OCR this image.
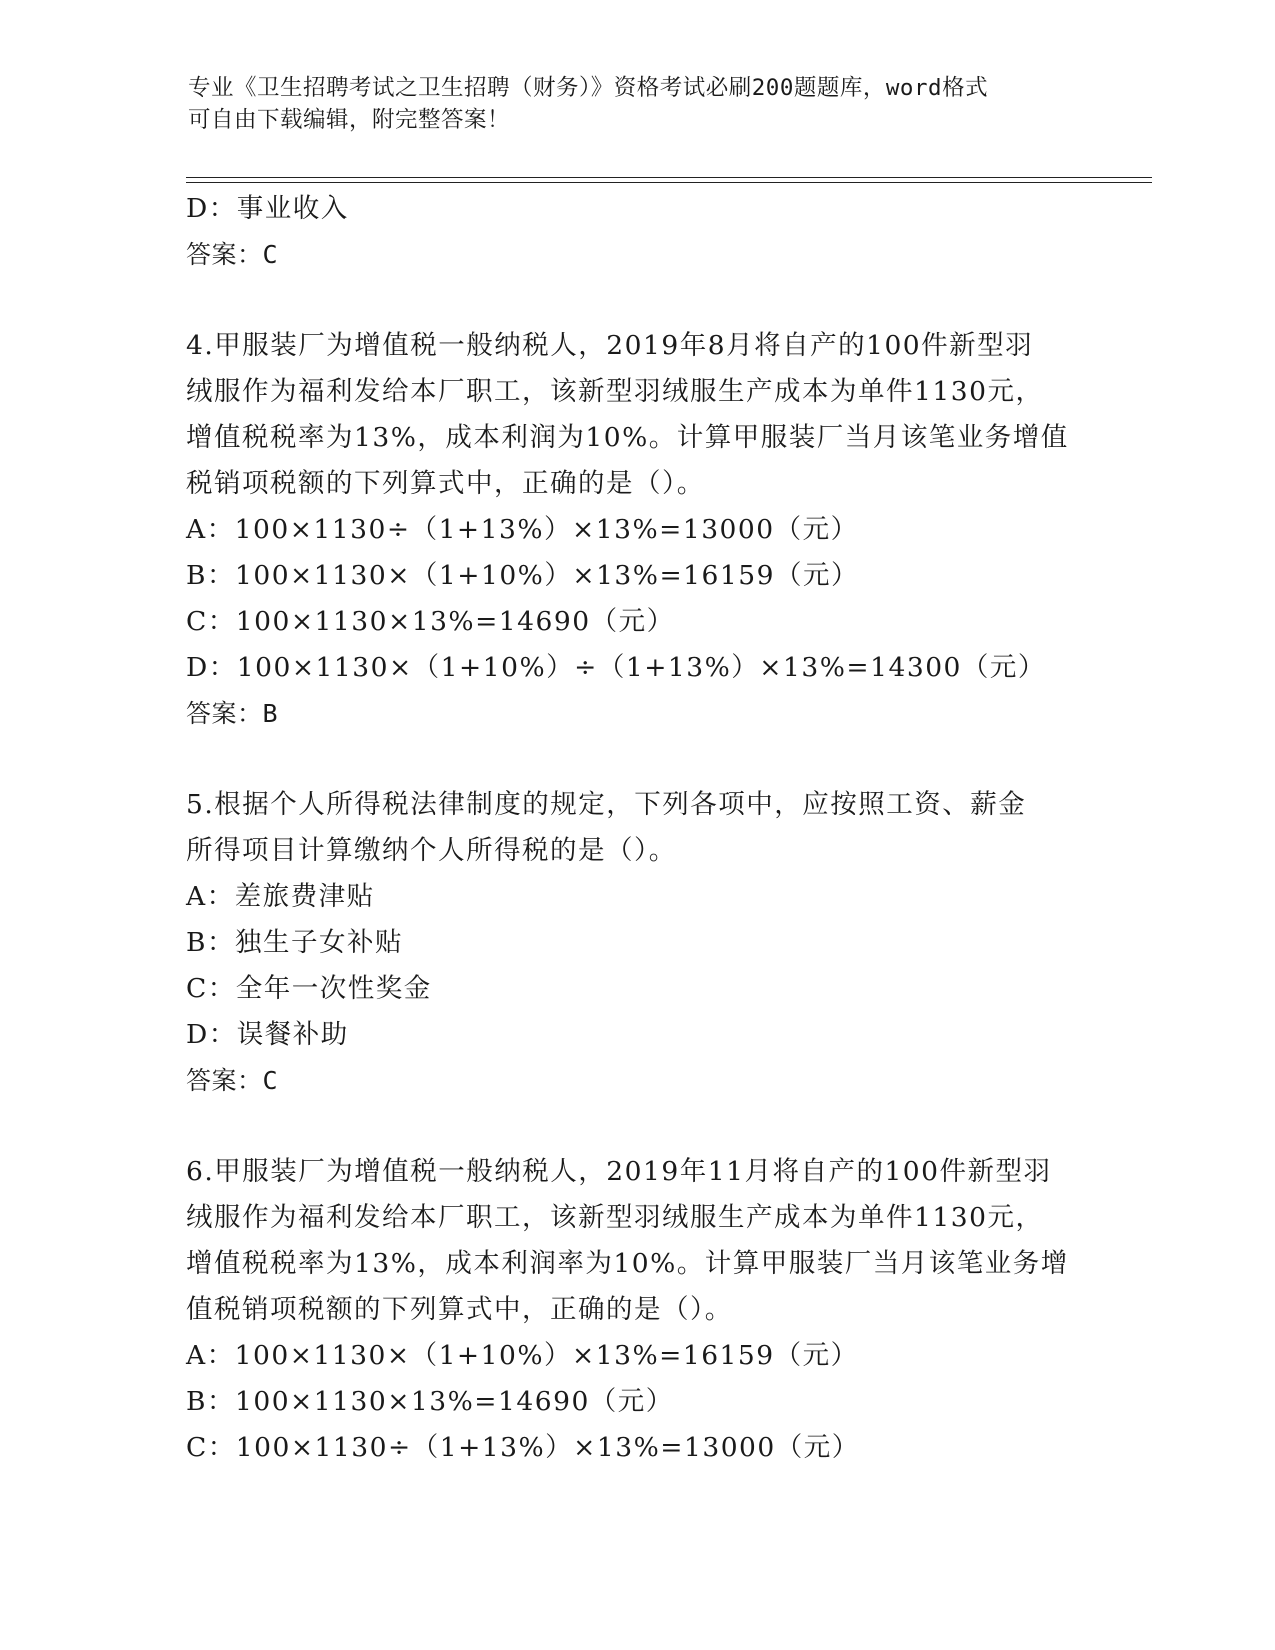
专业《卫生招聘考试之卫生招聘（财务）》资格考试必刷200题题库，word格式
可自由下载编辑，附完整答案！
D：事业收入
答案：C
4.甲服装厂为增值税一般纳税人，2019年8月将自产的100件新型羽
绒服作为福利发给本厂职工，该新型羽绒服生产成本为单件1130元，
增值税税率为13%，成本利润为10%。计算甲服装厂当月该笔业务增值
税销项税额的下列算式中，正确的是（）。
A：100×1130÷（1+13%）×13%=13000（元）
B：100×1130×（1+10%）×13%=16159（元）
C：100×1130×13%=14690（元）
D：100×1130×（1+10%）÷（1+13%）×13%=14300（元）
答案：B
5.根据个人所得税法律制度的规定，下列各项中，应按照工资、薪金
所得项目计算缴纳个人所得税的是（）。
A：差旅费津贴
B：独生子女补贴
C：全年一次性奖金
D：误餐补助
答案：C
6.甲服装厂为增值税一般纳税人，2019年11月将自产的100件新型羽
绒服作为福利发给本厂职工，该新型羽绒服生产成本为单件1130元，
增值税税率为13%，成本利润率为10%。计算甲服装厂当月该笔业务增
值税销项税额的下列算式中，正确的是（）。
A：100×1130×（1+10%）×13%=16159（元）
B：100×1130×13%=14690（元）
C：100×1130÷（1+13%）×13%=13000（元）
